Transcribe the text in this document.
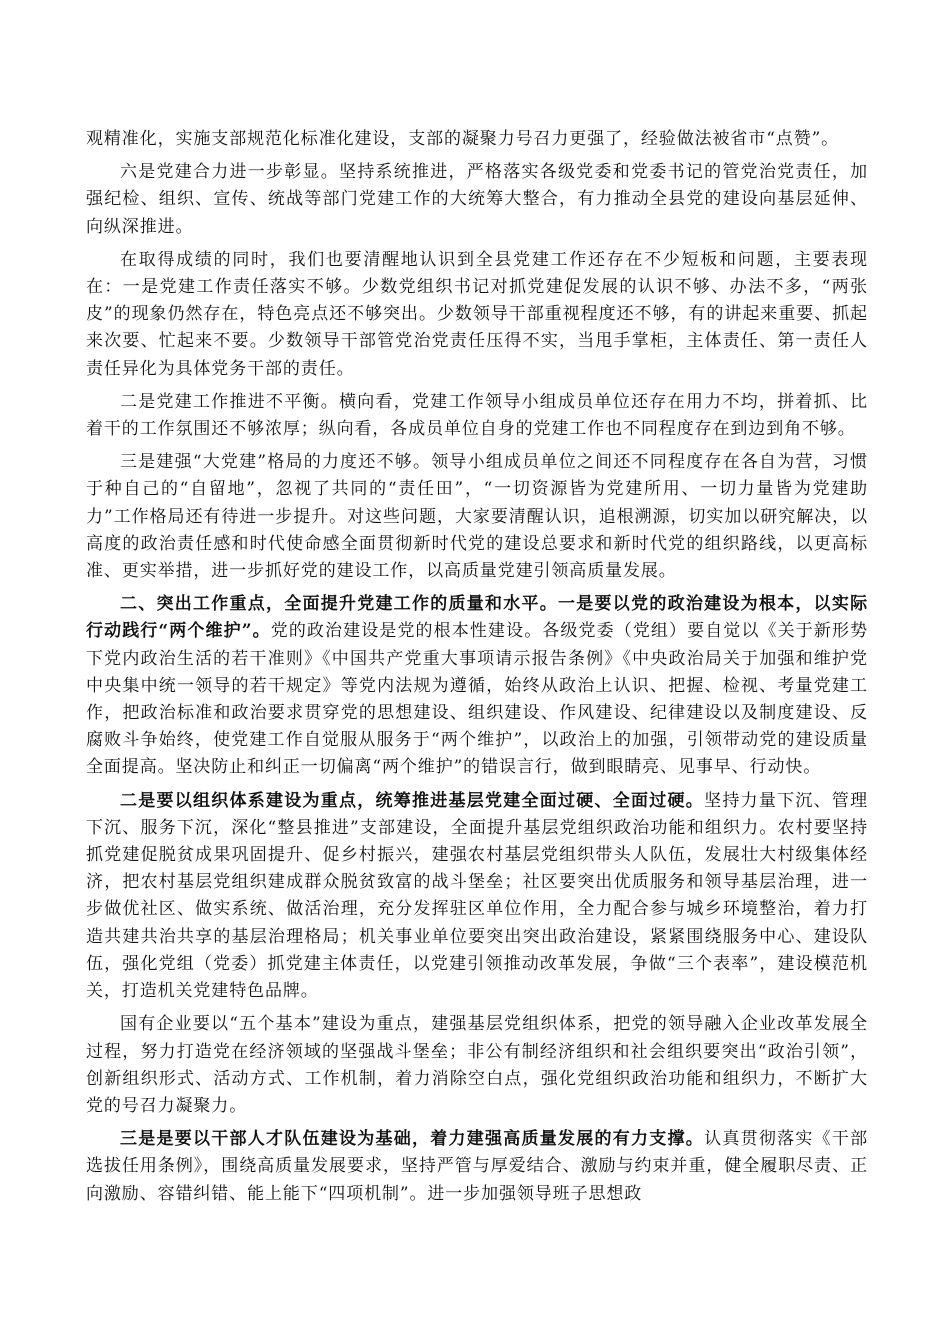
观精准化，实施支部规范化标准化建设，支部的凝聚力号召力更强了，经验做法被省市“点赞”。

六是党建合力进一步彰显。坚持系统推进，严格落实各级党委和党委书记的管党治党责任，加强纪检、组织、宣传、统战等部门党建工作的大统筹大整合，有力推动全县党的建设向基层延伸、向纵深推进。

在取得成绩的同时，我们也要清醒地认识到全县党建工作还存在不少短板和问题，主要表现在：一是党建工作责任落实不够。少数党组织书记对抓党建促发展的认识不够、办法不多，“两张皮”的现象仍然存在，特色亮点还不够突出。少数领导干部重视程度还不够，有的讲起来重要、抓起来次要、忙起来不要。少数领导干部管党治党责任压得不实，当甩手掌柜，主体责任、第一责任人责任异化为具体党务干部的责任。

二是党建工作推进不平衡。横向看，党建工作领导小组成员单位还存在用力不均，拼着抓、比着干的工作氛围还不够浓厚；纵向看，各成员单位自身的党建工作也不同程度存在到边到角不够。

三是建强“大党建”格局的力度还不够。领导小组成员单位之间还不同程度存在各自为营，习惯于种自己的“自留地”，忽视了共同的“责任田”，“一切资源皆为党建所用、一切力量皆为党建助力”工作格局还有待进一步提升。对这些问题，大家要清醒认识，追根溯源，切实加以研究解决，以高度的政治责任感和时代使命感全面贯彻新时代党的建设总要求和新时代党的组织路线，以更高标准、更实举措，进一步抓好党的建设工作，以高质量党建引领高质量发展。

二、突出工作重点，全面提升党建工作的质量和水平。一是要以党的政治建设为根本，以实际行动践行“两个维护”。党的政治建设是党的根本性建设。各级党委（党组）要自觉以《关于新形势下党内政治生活的若干准则》《中国共产党重大事项请示报告条例》《中央政治局关于加强和维护党中央集中统一领导的若干规定》等党内法规为遵循，始终从政治上认识、把握、检视、考量党建工作，把政治标准和政治要求贯穿党的思想建设、组织建设、作风建设、纪律建设以及制度建设、反腐败斗争始终，使党建工作自觉服从服务于“两个维护”，以政治上的加强，引领带动党的建设质量全面提高。坚决防止和纠正一切偏离“两个维护”的错误言行，做到眼睛亮、见事早、行动快。

二是要以组织体系建设为重点，统筹推进基层党建全面过硬、全面过硬。坚持力量下沉、管理下沉、服务下沉，深化“整县推进”支部建设，全面提升基层党组织政治功能和组织力。农村要坚持抓党建促脱贫成果巩固提升、促乡村振兴，建强农村基层党组织带头人队伍，发展壮大村级集体经济，把农村基层党组织建成群众脱贫致富的战斗堡垒；社区要突出优质服务和领导基层治理，进一步做优社区、做实系统、做活治理，充分发挥驻区单位作用，全力配合参与城乡环境整治，着力打造共建共治共享的基层治理格局；机关事业单位要突出突出政治建设，紧紧围绕服务中心、建设队伍，强化党组（党委）抓党建主体责任，以党建引领推动改革发展，争做“三个表率”，建设模范机关，打造机关党建特色品牌。

国有企业要以“五个基本”建设为重点，建强基层党组织体系，把党的领导融入企业改革发展全过程，努力打造党在经济领域的坚强战斗堡垒；非公有制经济组织和社会组织要突出“政治引领”，创新组织形式、活动方式、工作机制，着力消除空白点，强化党组织政治功能和组织力，不断扩大党的号召力凝聚力。

三是是要以干部人才队伍建设为基础，着力建强高质量发展的有力支撑。认真贯彻落实《干部选拔任用条例》，围绕高质量发展要求，坚持严管与厚爱结合、激励与约束并重，健全履职尽责、正向激励、容错纠错、能上能下“四项机制”。进一步加强领导班子思想政
